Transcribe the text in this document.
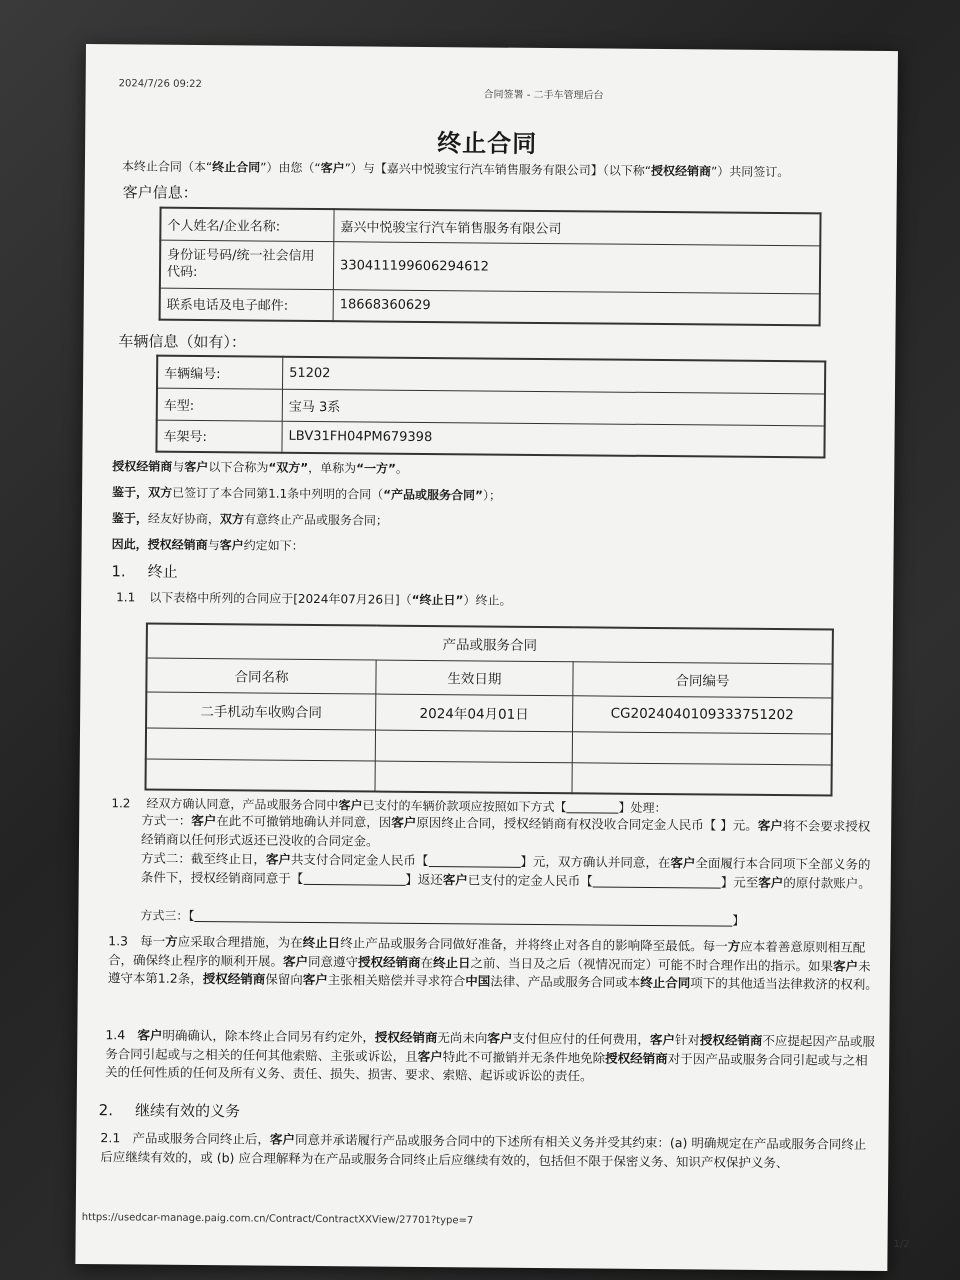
2024/7/26 09:22
合同签署 - 二手车管理后台
终止合同
本终止合同（本“终止合同”）由您（“客户”）与【嘉兴中悦骏宝行汽车销售服务有限公司】（以下称“授权经销商”）共同签订。
客户信息：
个人姓名/企业名称:	嘉兴中悦骏宝行汽车销售服务有限公司
身份证号码/统一社会信用代码:	330411199606294612
联系电话及电子邮件:	18668360629
车辆信息（如有）：
车辆编号:	51202
车型:	宝马 3系
车架号:	LBV31FH04PM679398
授权经销商与客户以下合称为“双方”，单称为“一方”。
鉴于，双方已签订了本合同第1.1条中列明的合同（“产品或服务合同”）；
鉴于，经友好协商，双方有意终止产品或服务合同；
因此，授权经销商与客户约定如下：
1. 终止
1.1 以下表格中所列的合同应于[2024年07月26日]（“终止日”）终止。
产品或服务合同		
合同名称	生效日期	合同编号
二手机动车收购合同	2024年04月01日	CG2024040109333751202

1.2 经双方确认同意，产品或服务合同中客户已支付的车辆价款项应按照如下方式【	】处理：
方式一：客户在此不可撤销地确认并同意，因客户原因终止合同，授权经销商有权没收合同定金人民币【 】元。客户将不会要求授权经销商以任何形式返还已没收的合同定金。
方式二：截至终止日，客户共支付合同定金人民币【	】元，双方确认并同意，在客户全面履行本合同项下全部义务的条件下，授权经销商同意于【	】返还客户已支付的定金人民币【	】元至客户的原付款账户。
方式三：【	】
1.3 每一方应采取合理措施，为在终止日终止产品或服务合同做好准备，并将终止对各自的影响降至最低。每一方应本着善意原则相互配合，确保终止程序的顺利开展。客户同意遵守授权经销商在终止日之前、当日及之后（视情况而定）可能不时合理作出的指示。如果客户未遵守本第1.2条，授权经销商保留向客户主张相关赔偿并寻求符合中国法律、产品或服务合同或本终止合同项下的其他适当法律救济的权利。
1.4 客户明确确认，除本终止合同另有约定外，授权经销商无尚未向客户支付但应付的任何费用，客户针对授权经销商不应提起因产品或服务合同引起或与之相关的任何其他索赔、主张或诉讼，且客户特此不可撤销并无条件地免除授权经销商对于因产品或服务合同引起或与之相关的任何性质的任何及所有义务、责任、损失、损害、要求、索赔、起诉或诉讼的责任。
2. 继续有效的义务
2.1 产品或服务合同终止后，客户同意并承诺履行产品或服务合同中的下述所有相关义务并受其约束：(a) 明确规定在产品或服务合同终止后应继续有效的，或 (b) 应合理解释为在产品或服务合同终止后应继续有效的，包括但不限于保密义务、知识产权保护义务、
https://usedcar-manage.paig.com.cn/Contract/ContractXXView/27701?type=7
1/2
